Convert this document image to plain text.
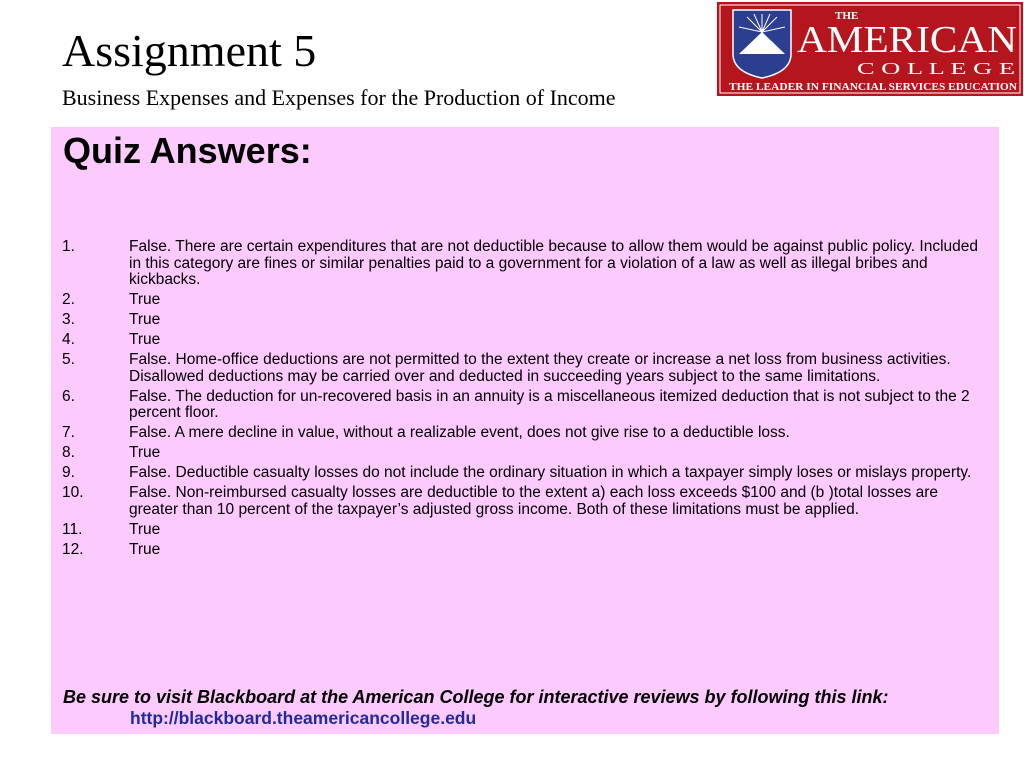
Assignment 5
Business Expenses and Expenses for the Production of Income
THE
AMERICAN
C O L L E G E
THE LEADER IN FINANCIAL SERVICES EDUCATION
Quiz Answers:
1.	False. There are certain expenditures that are not deductible because to allow them would be against public policy. Included in this category are fines or similar penalties paid to a government for a violation of a law as well as illegal bribes and kickbacks.
2.	True
3.	True
4.	True
5.	False. Home-office deductions are not permitted to the extent they create or increase a net loss from business activities. Disallowed deductions may be carried over and deducted in succeeding years subject to the same limitations.
6.	False. The deduction for un-recovered basis in an annuity is a miscellaneous itemized deduction that is not subject to the 2 percent floor.
7.	False. A mere decline in value, without a realizable event, does not give rise to a deductible loss.
8.	True
9.	False. Deductible casualty losses do not include the ordinary situation in which a taxpayer simply loses or mislays property.
10.	False. Non-reimbursed casualty losses are deductible to the extent a) each loss exceeds $100 and (b )total losses are greater than 10 percent of the taxpayer’s adjusted gross income. Both of these limitations must be applied.
11.	True
12.	True
Be sure to visit Blackboard at the American College for interactive reviews by following this link:
http://blackboard.theamericancollege.edu
